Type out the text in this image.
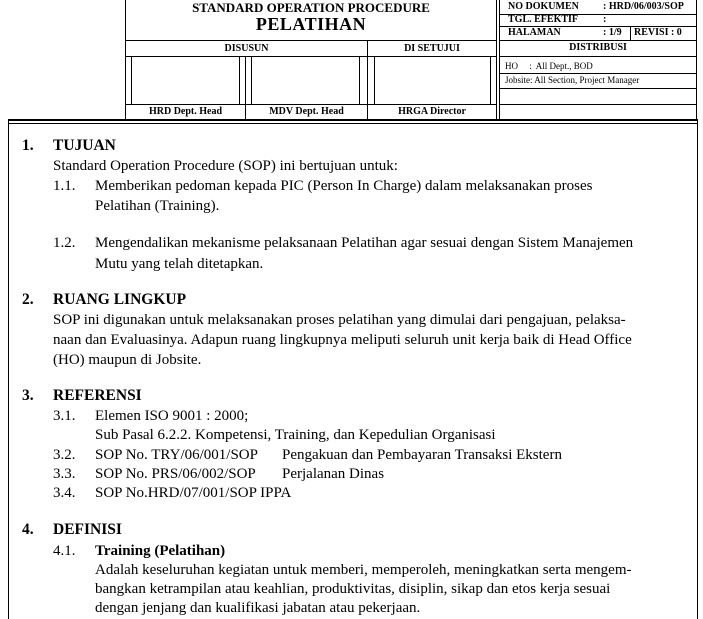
STANDARD OPERATION PROCEDURE
PELATIHAN
DISUSUN	DI SETUJUI
HRD Dept. Head	MDV Dept. Head	HRGA Director
NO DOKUMEN : HRD/06/003/SOP
TGL. EFEKTIF :
HALAMAN	: 1/9 REVISI : 0
DISTRIBUSI
HO     :  All Dept., BOD
Jobsite: All Section, Project Manager
1. TUJUAN
Standard Operation Procedure (SOP) ini bertujuan untuk:
1.1. Memberikan pedoman kepada PIC (Person In Charge) dalam melaksanakan proses
Pelatihan (Training).
1.2. Mengendalikan mekanisme pelaksanaan Pelatihan agar sesuai dengan Sistem Manajemen
Mutu yang telah ditetapkan.
2. RUANG LINGKUP
SOP ini digunakan untuk melaksanakan proses pelatihan yang dimulai dari pengajuan, pelaksa-
naan dan Evaluasinya. Adapun ruang lingkupnya meliputi seluruh unit kerja baik di Head Office
(HO) maupun di Jobsite.
3. REFERENSI
3.1. Elemen ISO 9001 : 2000;
Sub Pasal 6.2.2. Kompetensi, Training, dan Kepedulian Organisasi
3.2. SOP No. TRY/06/001/SOP Pengakuan dan Pembayaran Transaksi Ekstern
3.3. SOP No. PRS/06/002/SOP Perjalanan Dinas
3.4. SOP No.HRD/07/001/SOP IPPA
4. DEFINISI
4.1. Training (Pelatihan)
Adalah keseluruhan kegiatan untuk memberi, memperoleh, meningkatkan serta mengem-
bangkan ketrampilan atau keahlian, produktivitas, disiplin, sikap dan etos kerja sesuai
dengan jenjang dan kualifikasi jabatan atau pekerjaan.
